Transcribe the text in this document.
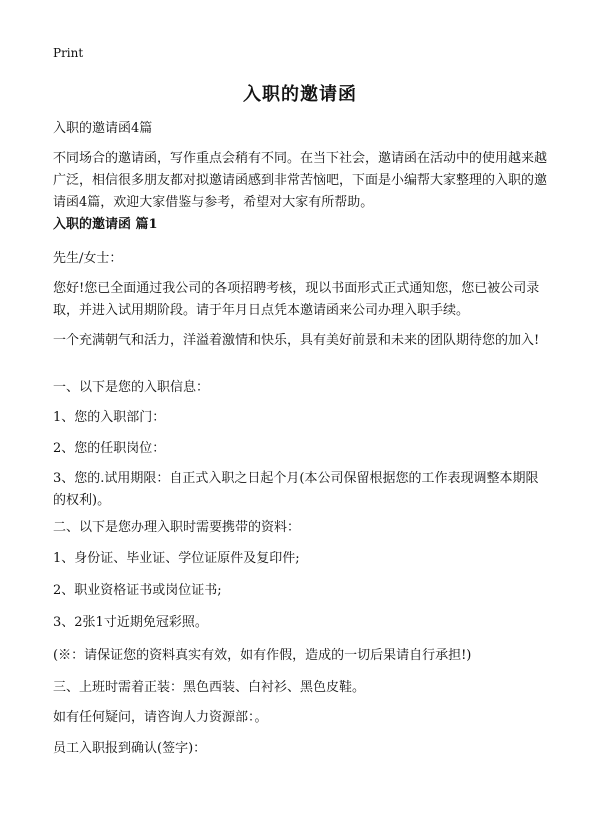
Print
入职的邀请函
入职的邀请函4篇
不同场合的邀请函，写作重点会稍有不同。在当下社会，邀请函在活动中的使用越来越广泛，相信很多朋友都对拟邀请函感到非常苦恼吧，下面是小编帮大家整理的入职的邀请函4篇，欢迎大家借鉴与参考，希望对大家有所帮助。
入职的邀请函 篇1
先生/女士：
您好!您已全面通过我公司的各项招聘考核，现以书面形式正式通知您，您已被公司录取，并进入试用期阶段。请于年月日点凭本邀请函来公司办理入职手续。
一个充满朝气和活力，洋溢着激情和快乐，具有美好前景和未来的团队期待您的加入!
一、以下是您的入职信息：
1、您的入职部门：
2、您的任职岗位：
3、您的.试用期限：自正式入职之日起个月(本公司保留根据您的工作表现调整本期限的权利)。
二、以下是您办理入职时需要携带的资料：
1、身份证、毕业证、学位证原件及复印件;
2、职业资格证书或岗位证书;
3、2张1寸近期免冠彩照。
(※：请保证您的资料真实有效，如有作假，造成的一切后果请自行承担!)
三、上班时需着正装：黑色西装、白衬衫、黑色皮鞋。
如有任何疑问，请咨询人力资源部：。
员工入职报到确认(签字)：
